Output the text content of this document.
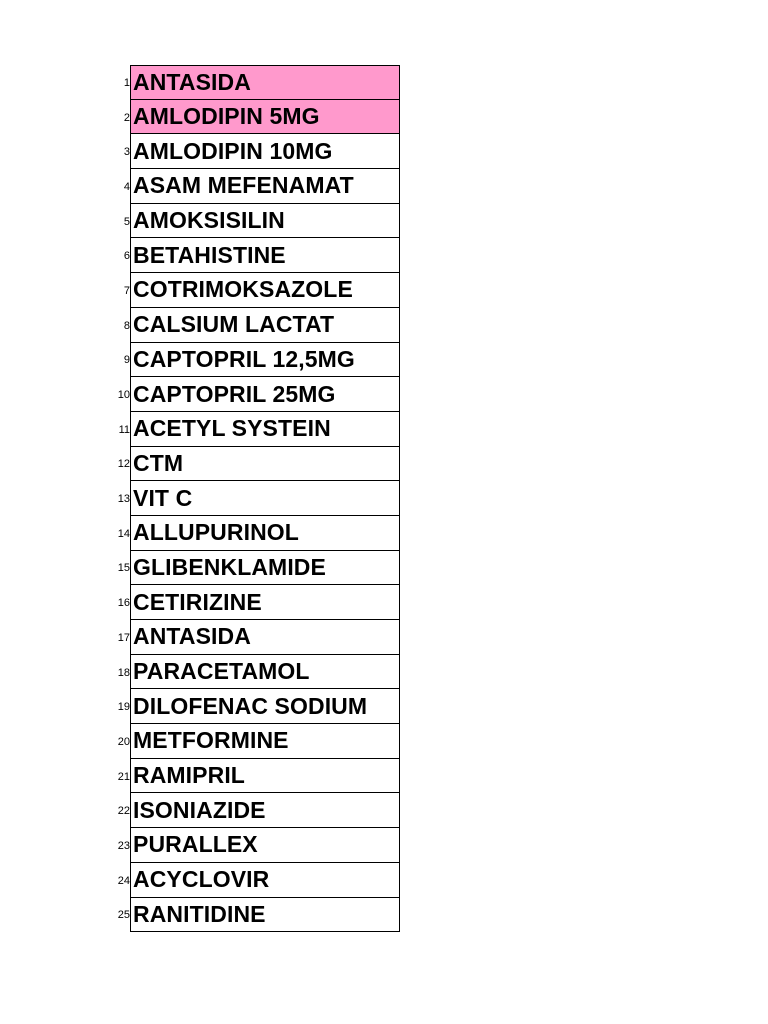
1 ANTASIDA
2 AMLODIPIN 5MG
3 AMLODIPIN 10MG
4 ASAM MEFENAMAT
5 AMOKSISILIN
6 BETAHISTINE
7 COTRIMOKSAZOLE
8 CALSIUM LACTAT
9 CAPTOPRIL 12,5MG
10 CAPTOPRIL 25MG
11 ACETYL SYSTEIN
12 CTM
13 VIT C
14 ALLUPURINOL
15 GLIBENKLAMIDE
16 CETIRIZINE
17 ANTASIDA
18 PARACETAMOL
19 DILOFENAC SODIUM
20 METFORMINE
21 RAMIPRIL
22 ISONIAZIDE
23 PURALLEX
24 ACYCLOVIR
25 RANITIDINE
